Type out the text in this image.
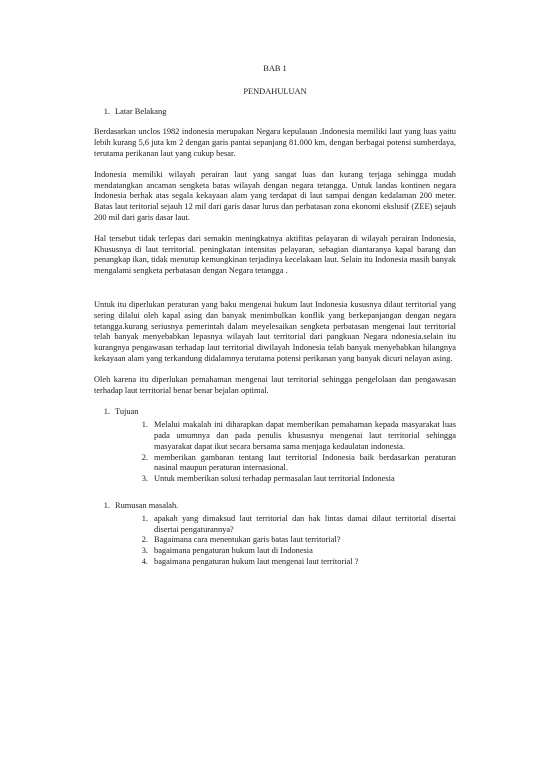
BAB 1
PENDAHULUAN
1. Latar Belakang

Berdasarkan unclos 1982 indonesia merupakan Negara kepulauan .Indonesia memiliki laut yang luas yaitu lebih kurang 5,6 juta km 2 dengan garis pantai sepanjang 81.000 km, dengan berbagai potensi sumberdaya, terutama perikanan laut yang cukup besar.

Indonesia memiliki wilayah perairan laut yang sangat luas dan kurang terjaga sehingga mudah mendatangkan ancaman sengketa batas wilayah dengan negara tetangga. Untuk landas kontinen negara Indonesia berhak atas segala kekayaan alam yang terdapat di laut sampai dengan kedalaman 200 meter. Batas laut teritorial sejauh 12 mil dari garis dasar lurus dan perbatasan zona ekonomi ekslusif (ZEE) sejauh 200 mil dari garis dasar laut.

Hal tersebut tidak terlepas dari semakin meningkatnya aktifitas pelayaran di wilayah perairan Indonesia, Khususnya di laut territorial. peningkatan intensitas pelayaran, sebagian diantaranya kapal barang dan penangkap ikan, tidak menutup kemungkinan terjadinya kecelakaan laut. Selain itu Indonesia masih banyak mengalami sengketa perbatasan dengan Negara tetangga .

Untuk itu diperlukan peraturan yang baku mengenai hukum laut Indonesia kususnya dilaut territorial yang sering dilalui oleh kapal asing dan banyak menimbulkan konflik yang berkepanjangan dengan negara tetangga.kurang seriusnya pemerintah dalam meyelesaikan sengketa perbatasan mengenai laut territorial telah banyak menyebabkan lepasnya wilayah laut territorial dari pangkuan Negara ndonesia.selain itu kurangnya pengawasan terhadap laut territorial diwilayah Indonesia telah banyak menyebabkan hilangnya kekayaan alam yang terkandung didalamnya terutama potensi perikanan yang banyak dicuri nelayan asing.

Oleh karena itu diperlukan pemahaman mengenai laut territorial sehingga pengelolaan dan pengawasan terhadap laut territorial benar benar bejalan optimal.

1. Tujuan
1. Melalui makalah ini diharapkan dapat memberikan pemahaman kepada masyarakat luas pada umumnya dan pada penulis khususnya mengenai laut territorial sehingga masyarakat dapat ikut secara bersama sama menjaga kedaulatan indonesia.
2. memberikan gambaran tentang laut territorial Indonesia baik berdasarkan peraturan nasinal maupun peraturan internasional.
3. Untuk memberikan solusi terhadap permasalan laut territorial Indonesia
1. Rumusan masalah.
1. apakah yang dimaksud laut territorial dan hak lintas damai dilaut territorial disertai disertai pengaturannya?
2. Bagaimana cara menentukan garis batas laut territorial?
3. bagaimana pengaturan hukum laut di Indonesia
4. bagaimana pengaturan hukum laut mengenai laut territorial ?
